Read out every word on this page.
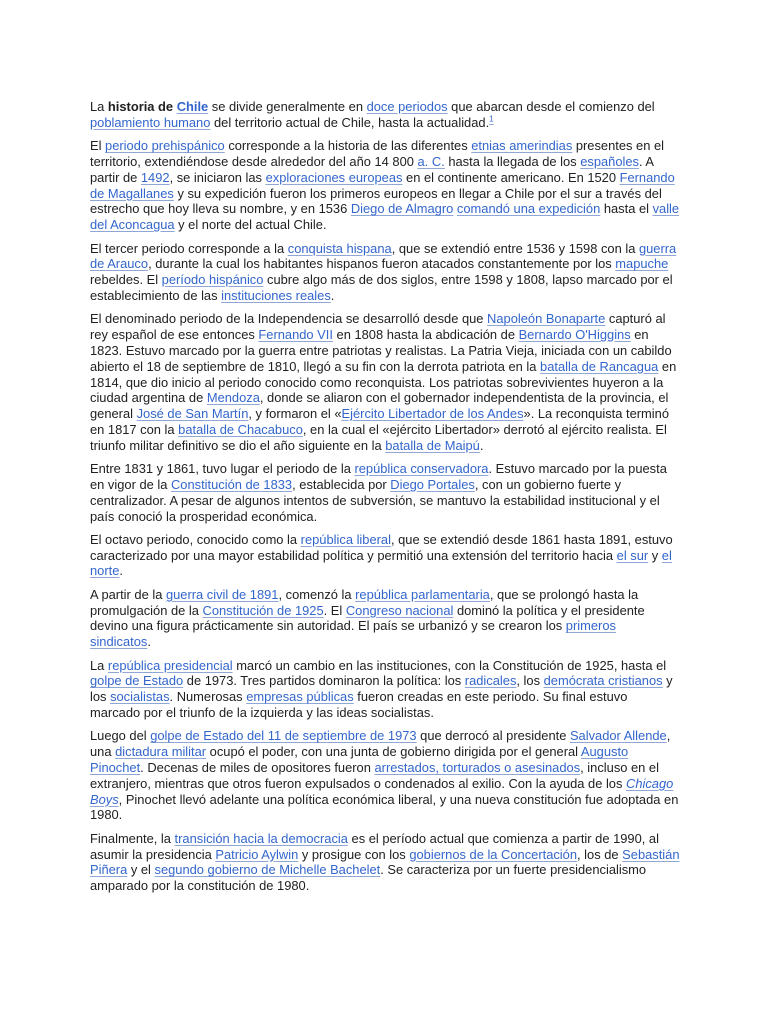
La historia de Chile se divide generalmente en doce periodos que abarcan desde el comienzo del poblamiento humano del territorio actual de Chile, hasta la actualidad.$^1$

El periodo prehispánico corresponde a la historia de las diferentes etnias amerindias presentes en el territorio, extendiéndose desde alrededor del año 14 800 a. C. hasta la llegada de los españoles. A partir de 1492, se iniciaron las exploraciones europeas en el continente americano. En 1520 Fernando de Magallanes y su expedición fueron los primeros europeos en llegar a Chile por el sur a través del estrecho que hoy lleva su nombre, y en 1536 Diego de Almagro comandó una expedición hasta el valle del Aconcagua y el norte del actual Chile.

El tercer periodo corresponde a la conquista hispana, que se extendió entre 1536 y 1598 con la guerra de Arauco, durante la cual los habitantes hispanos fueron atacados constantemente por los mapuche rebeldes. El período hispánico cubre algo más de dos siglos, entre 1598 y 1808, lapso marcado por el establecimiento de las instituciones reales.

El denominado periodo de la Independencia se desarrolló desde que Napoleón Bonaparte capturó al rey español de ese entonces Fernando VII en 1808 hasta la abdicación de Bernardo O'Higgins en 1823. Estuvo marcado por la guerra entre patriotas y realistas. La Patria Vieja, iniciada con un cabildo abierto el 18 de septiembre de 1810, llegó a su fin con la derrota patriota en la batalla de Rancagua en 1814, que dio inicio al periodo conocido como reconquista. Los patriotas sobrevivientes huyeron a la ciudad argentina de Mendoza, donde se aliaron con el gobernador independentista de la provincia, el general José de San Martín, y formaron el «Ejército Libertador de los Andes». La reconquista terminó en 1817 con la batalla de Chacabuco, en la cual el «ejército Libertador» derrotó al ejército realista. El triunfo militar definitivo se dio el año siguiente en la batalla de Maipú.

Entre 1831 y 1861, tuvo lugar el periodo de la república conservadora. Estuvo marcado por la puesta en vigor de la Constitución de 1833, establecida por Diego Portales, con un gobierno fuerte y centralizador. A pesar de algunos intentos de subversión, se mantuvo la estabilidad institucional y el país conoció la prosperidad económica.

El octavo periodo, conocido como la república liberal, que se extendió desde 1861 hasta 1891, estuvo caracterizado por una mayor estabilidad política y permitió una extensión del territorio hacia el sur y el norte.

A partir de la guerra civil de 1891, comenzó la república parlamentaria, que se prolongó hasta la promulgación de la Constitución de 1925. El Congreso nacional dominó la política y el presidente devino una figura prácticamente sin autoridad. El país se urbanizó y se crearon los primeros sindicatos.

La república presidencial marcó un cambio en las instituciones, con la Constitución de 1925, hasta el golpe de Estado de 1973. Tres partidos dominaron la política: los radicales, los demócrata cristianos y los socialistas. Numerosas empresas públicas fueron creadas en este periodo. Su final estuvo marcado por el triunfo de la izquierda y las ideas socialistas.

Luego del golpe de Estado del 11 de septiembre de 1973 que derrocó al presidente Salvador Allende, una dictadura militar ocupó el poder, con una junta de gobierno dirigida por el general Augusto Pinochet. Decenas de miles de opositores fueron arrestados, torturados o asesinados, incluso en el extranjero, mientras que otros fueron expulsados o condenados al exilio. Con la ayuda de los Chicago Boys, Pinochet llevó adelante una política económica liberal, y una nueva constitución fue adoptada en 1980.

Finalmente, la transición hacia la democracia es el período actual que comienza a partir de 1990, al asumir la presidencia Patricio Aylwin y prosigue con los gobiernos de la Concertación, los de Sebastián Piñera y el segundo gobierno de Michelle Bachelet. Se caracteriza por un fuerte presidencialismo amparado por la constitución de 1980.
